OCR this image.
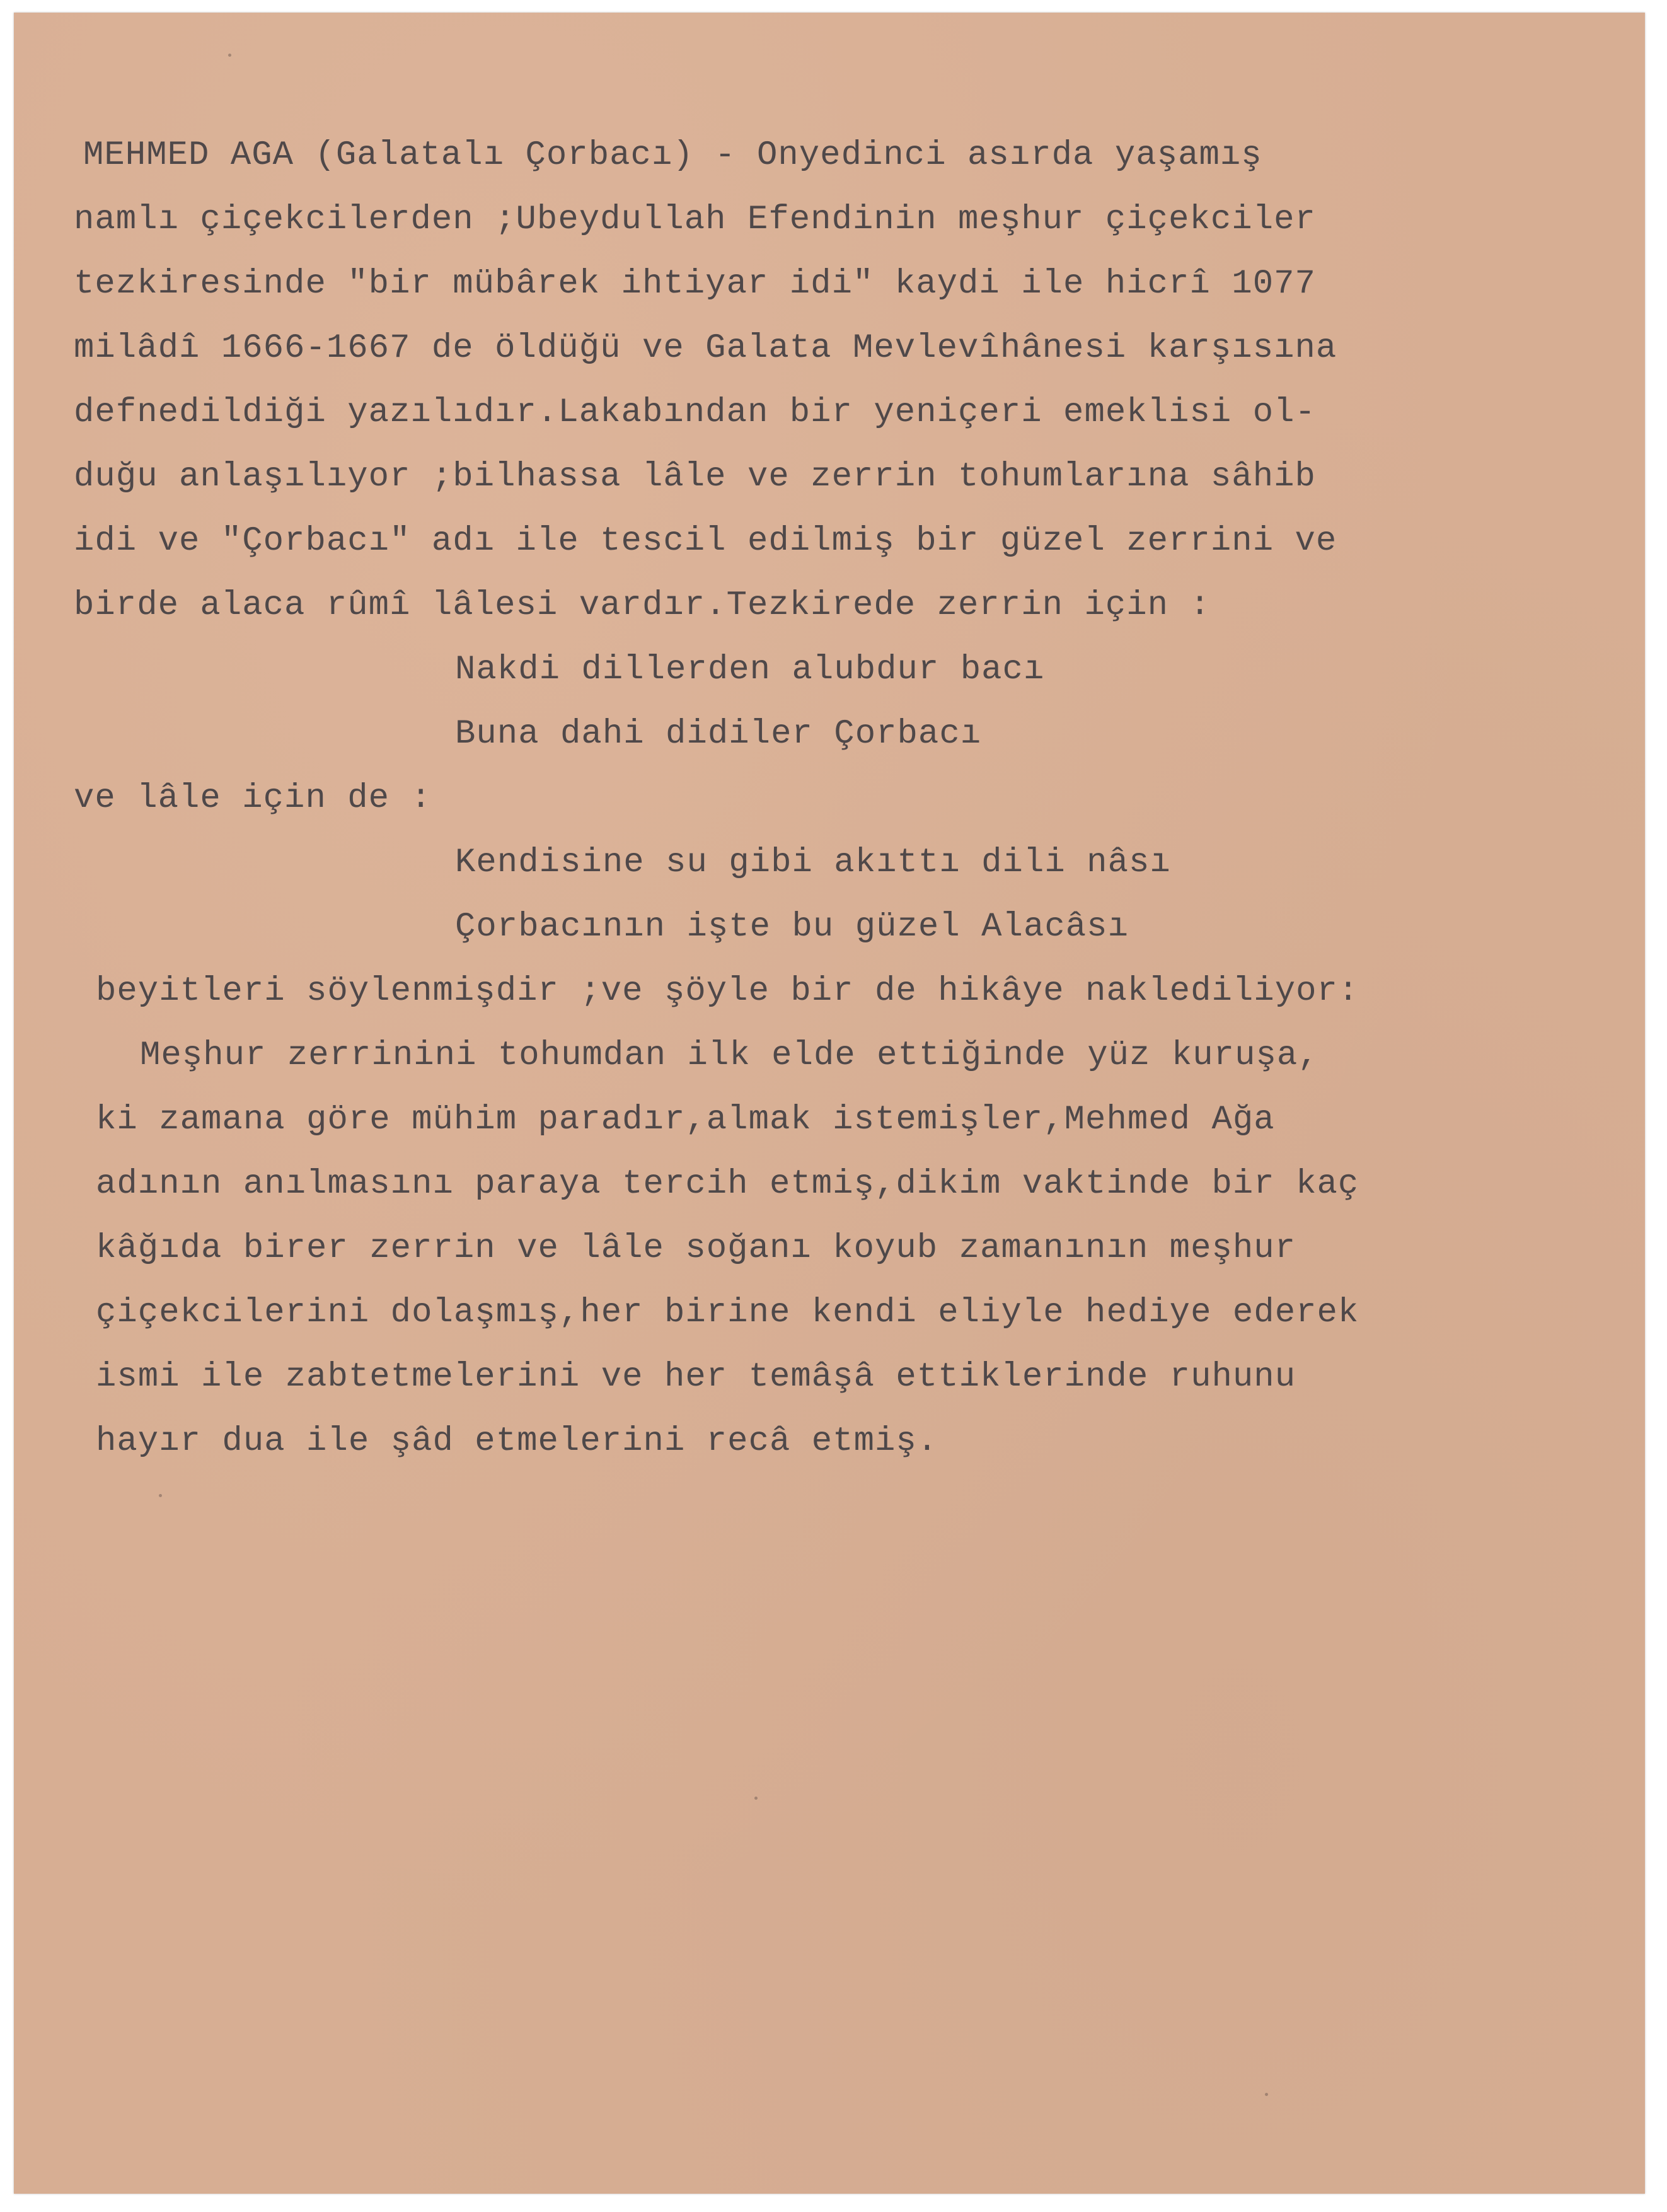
MEHMED AGA (Galatalı Çorbacı) - Onyedinci asırda yaşamış

namlı çiçekcilerden ;Ubeydullah Efendinin meşhur çiçekciler

tezkiresinde "bir mübârek ihtiyar idi" kaydi ile hicrî 1077

milâdî 1666-1667 de öldüğü ve Galata Mevlevîhânesi karşısına

defnedildiği yazılıdır.Lakabından bir yeniçeri emeklisi ol-

duğu anlaşılıyor ;bilhassa lâle ve zerrin tohumlarına sâhib

idi ve "Çorbacı" adı ile tescil edilmiş bir güzel zerrini ve

birde alaca rûmî lâlesi vardır.Tezkirede zerrin için :

Nakdi dillerden alubdur bacı

Buna dahi didiler Çorbacı

ve lâle için de :

Kendisine su gibi akıttı dili nâsı

Çorbacının işte bu güzel Alacâsı

beyitleri söylenmişdir ;ve şöyle bir de hikâye naklediliyor:

Meşhur zerrinini tohumdan ilk elde ettiğinde yüz kuruşa,

ki zamana göre mühim paradır,almak istemişler,Mehmed Ağa

adının anılmasını paraya tercih etmiş,dikim vaktinde bir kaç

kâğıda birer zerrin ve lâle soğanı koyub zamanının meşhur

çiçekcilerini dolaşmış,her birine kendi eliyle hediye ederek

ismi ile zabtetmelerini ve her temâşâ ettiklerinde ruhunu

hayır dua ile şâd etmelerini recâ etmiş.
